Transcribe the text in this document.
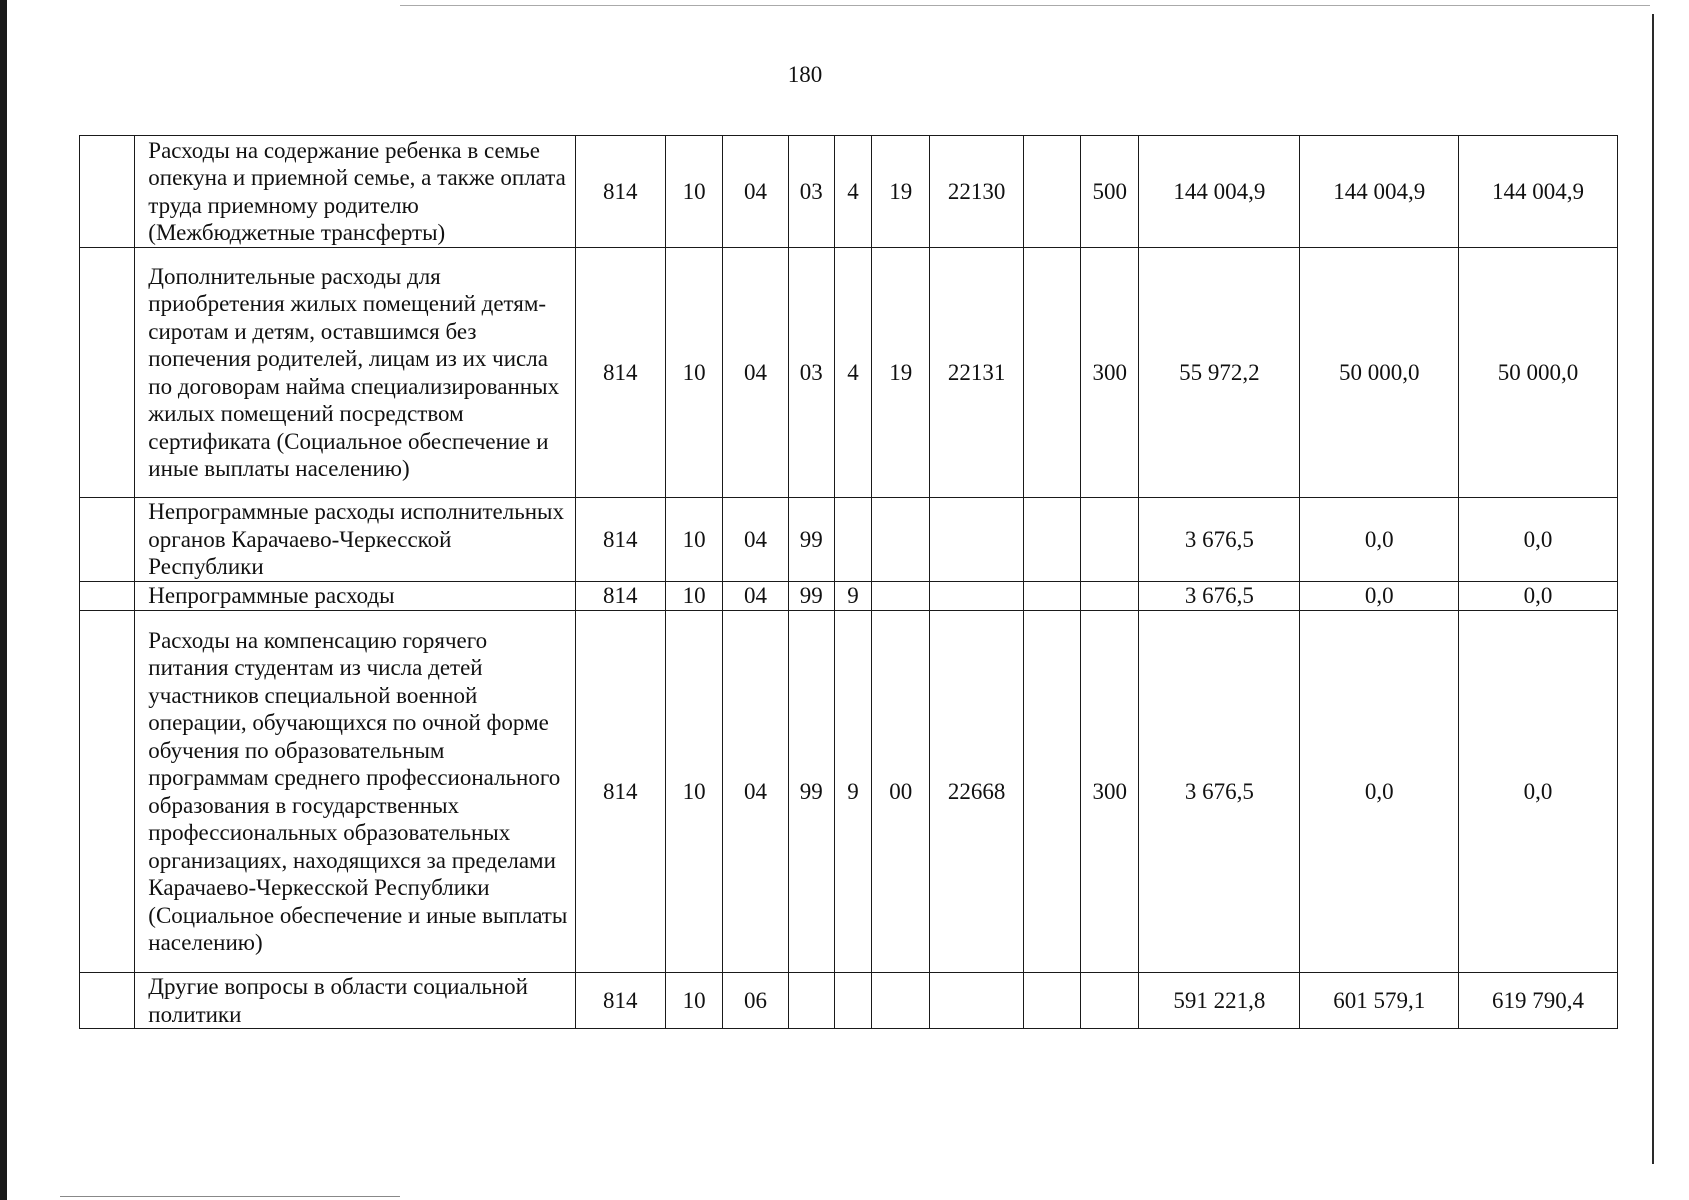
180
	Расходы на содержание ребенка в семье опекуна и приемной семье, а также оплата труда приемному родителю (Межбюджетные трансферты)	814	10	04	03	4	19	22130		500	144 004,9	144 004,9	144 004,9
	Дополнительные расходы для приобретения жилых помещений детям-сиротам и детям, оставшимся без попечения родителей, лицам из их числа по договорам найма специализированных жилых помещений посредством сертификата (Социальное обеспечение и иные выплаты населению)	814	10	04	03	4	19	22131		300	55 972,2	50 000,0	50 000,0
	Непрограммные расходы исполнительных органов Карачаево-Черкесской Республики	814	10	04	99						3 676,5	0,0	0,0
	Непрограммные расходы	814	10	04	99	9					3 676,5	0,0	0,0
	Расходы на компенсацию горячего питания студентам из числа детей участников специальной военной операции, обучающихся по очной форме обучения по образовательным программам среднего профессионального образования в государственных профессиональных образовательных организациях, находящихся за пределами Карачаево-Черкесской Республики (Социальное обеспечение и иные выплаты населению)	814	10	04	99	9	00	22668		300	3 676,5	0,0	0,0
	Другие вопросы в области социальной политики	814	10	06							591 221,8	601 579,1	619 790,4
